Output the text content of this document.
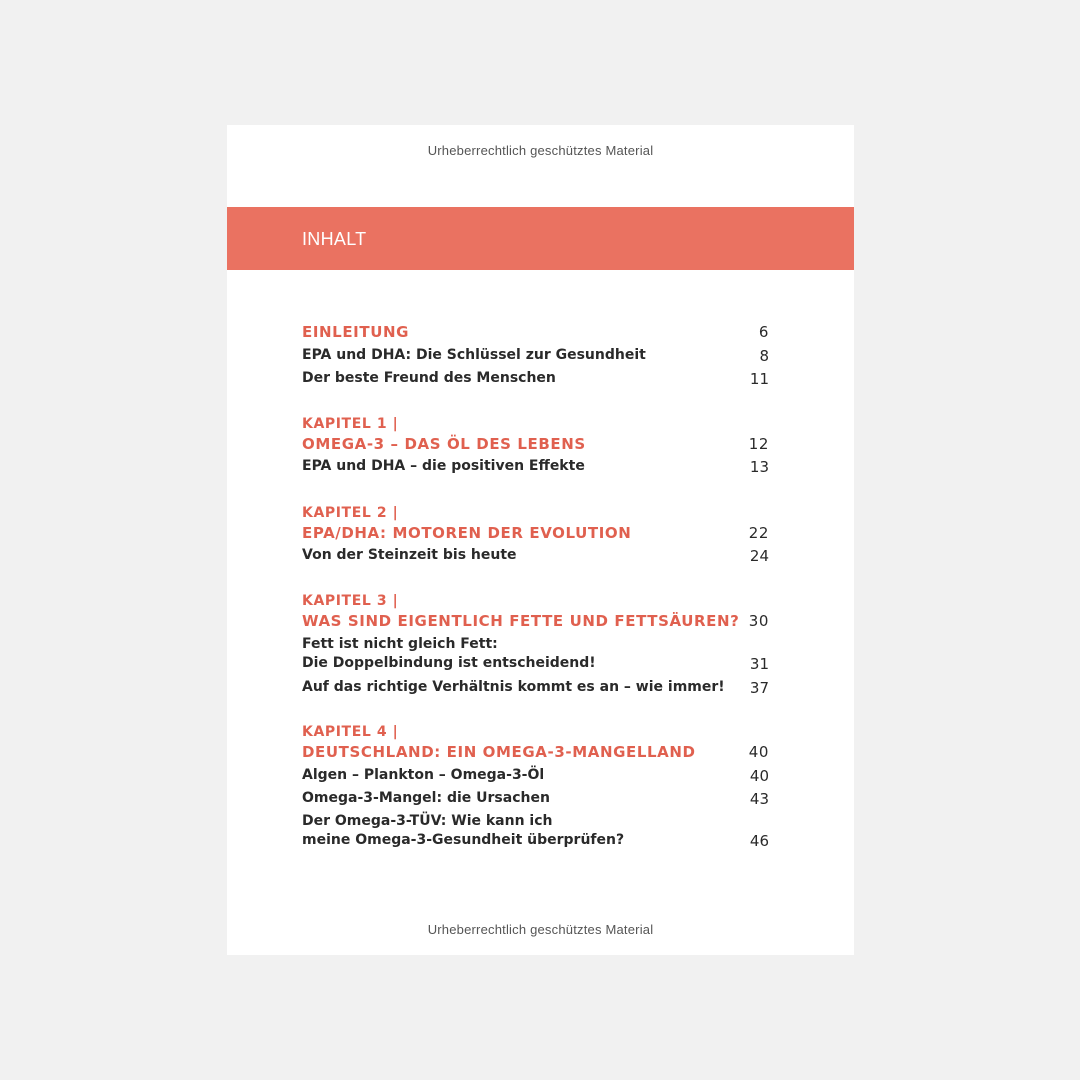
Urheberrechtlich geschütztes Material
INHALT
EINLEITUNG	6
EPA und DHA: Die Schlüssel zur Gesundheit	8
Der beste Freund des Menschen	11
KAPITEL 1 |
OMEGA-3 – DAS ÖL DES LEBENS	12
EPA und DHA – die positiven Effekte	13
KAPITEL 2 |
EPA/DHA: MOTOREN DER EVOLUTION	22
Von der Steinzeit bis heute	24
KAPITEL 3 |
WAS SIND EIGENTLICH FETTE UND FETTSÄUREN? 30
Fett ist nicht gleich Fett:
Die Doppelbindung ist entscheidend!	31
Auf das richtige Verhältnis kommt es an – wie immer! 37
KAPITEL 4 |
DEUTSCHLAND: EIN OMEGA-3-MANGELLAND	40
Algen – Plankton – Omega-3-Öl	40
Omega-3-Mangel: die Ursachen	43
Der Omega-3-TÜV: Wie kann ich
meine Omega-3-Gesundheit überprüfen?	46
Urheberrechtlich geschütztes Material
